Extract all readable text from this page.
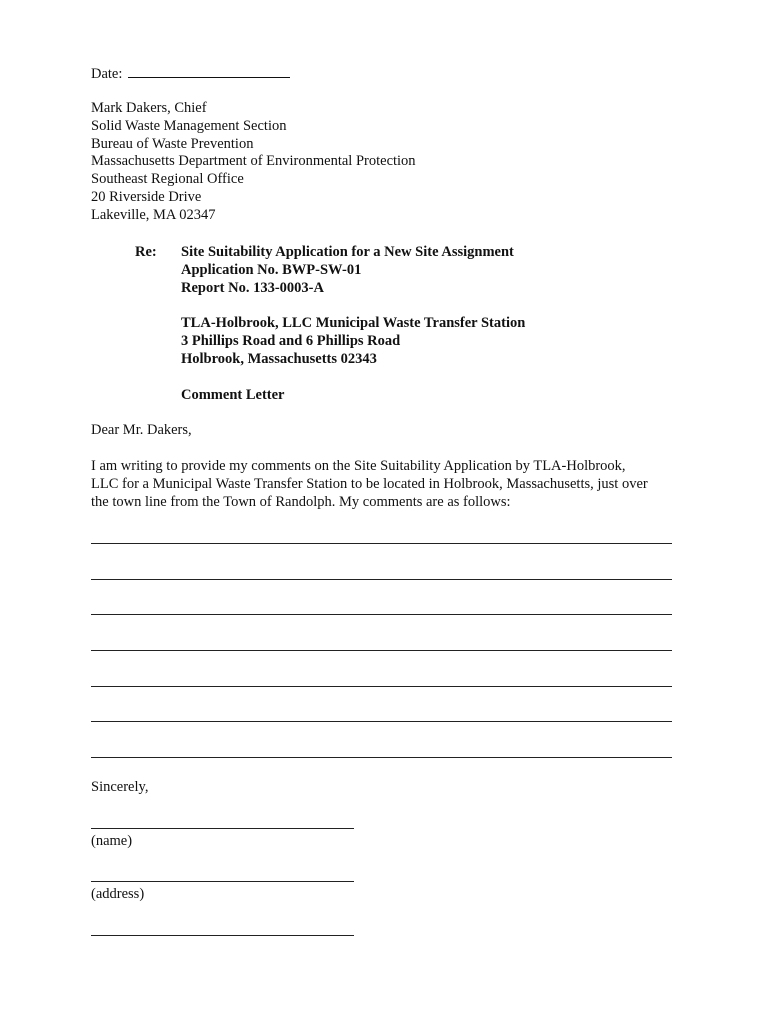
Date:
Mark Dakers, Chief
Solid Waste Management Section
Bureau of Waste Prevention
Massachusetts Department of Environmental Protection
Southeast Regional Office
20 Riverside Drive
Lakeville, MA 02347
Re: Site Suitability Application for a New Site Assignment
Application No. BWP-SW-01
Report No. 133-0003-A
TLA-Holbrook, LLC Municipal Waste Transfer Station
3 Phillips Road and 6 Phillips Road
Holbrook, Massachusetts 02343
Comment Letter
Dear Mr. Dakers,
I am writing to provide my comments on the Site Suitability Application by TLA-Holbrook,
LLC for a Municipal Waste Transfer Station to be located in Holbrook, Massachusetts, just over
the town line from the Town of Randolph. My comments are as follows:
Sincerely,
(name)
(address)
